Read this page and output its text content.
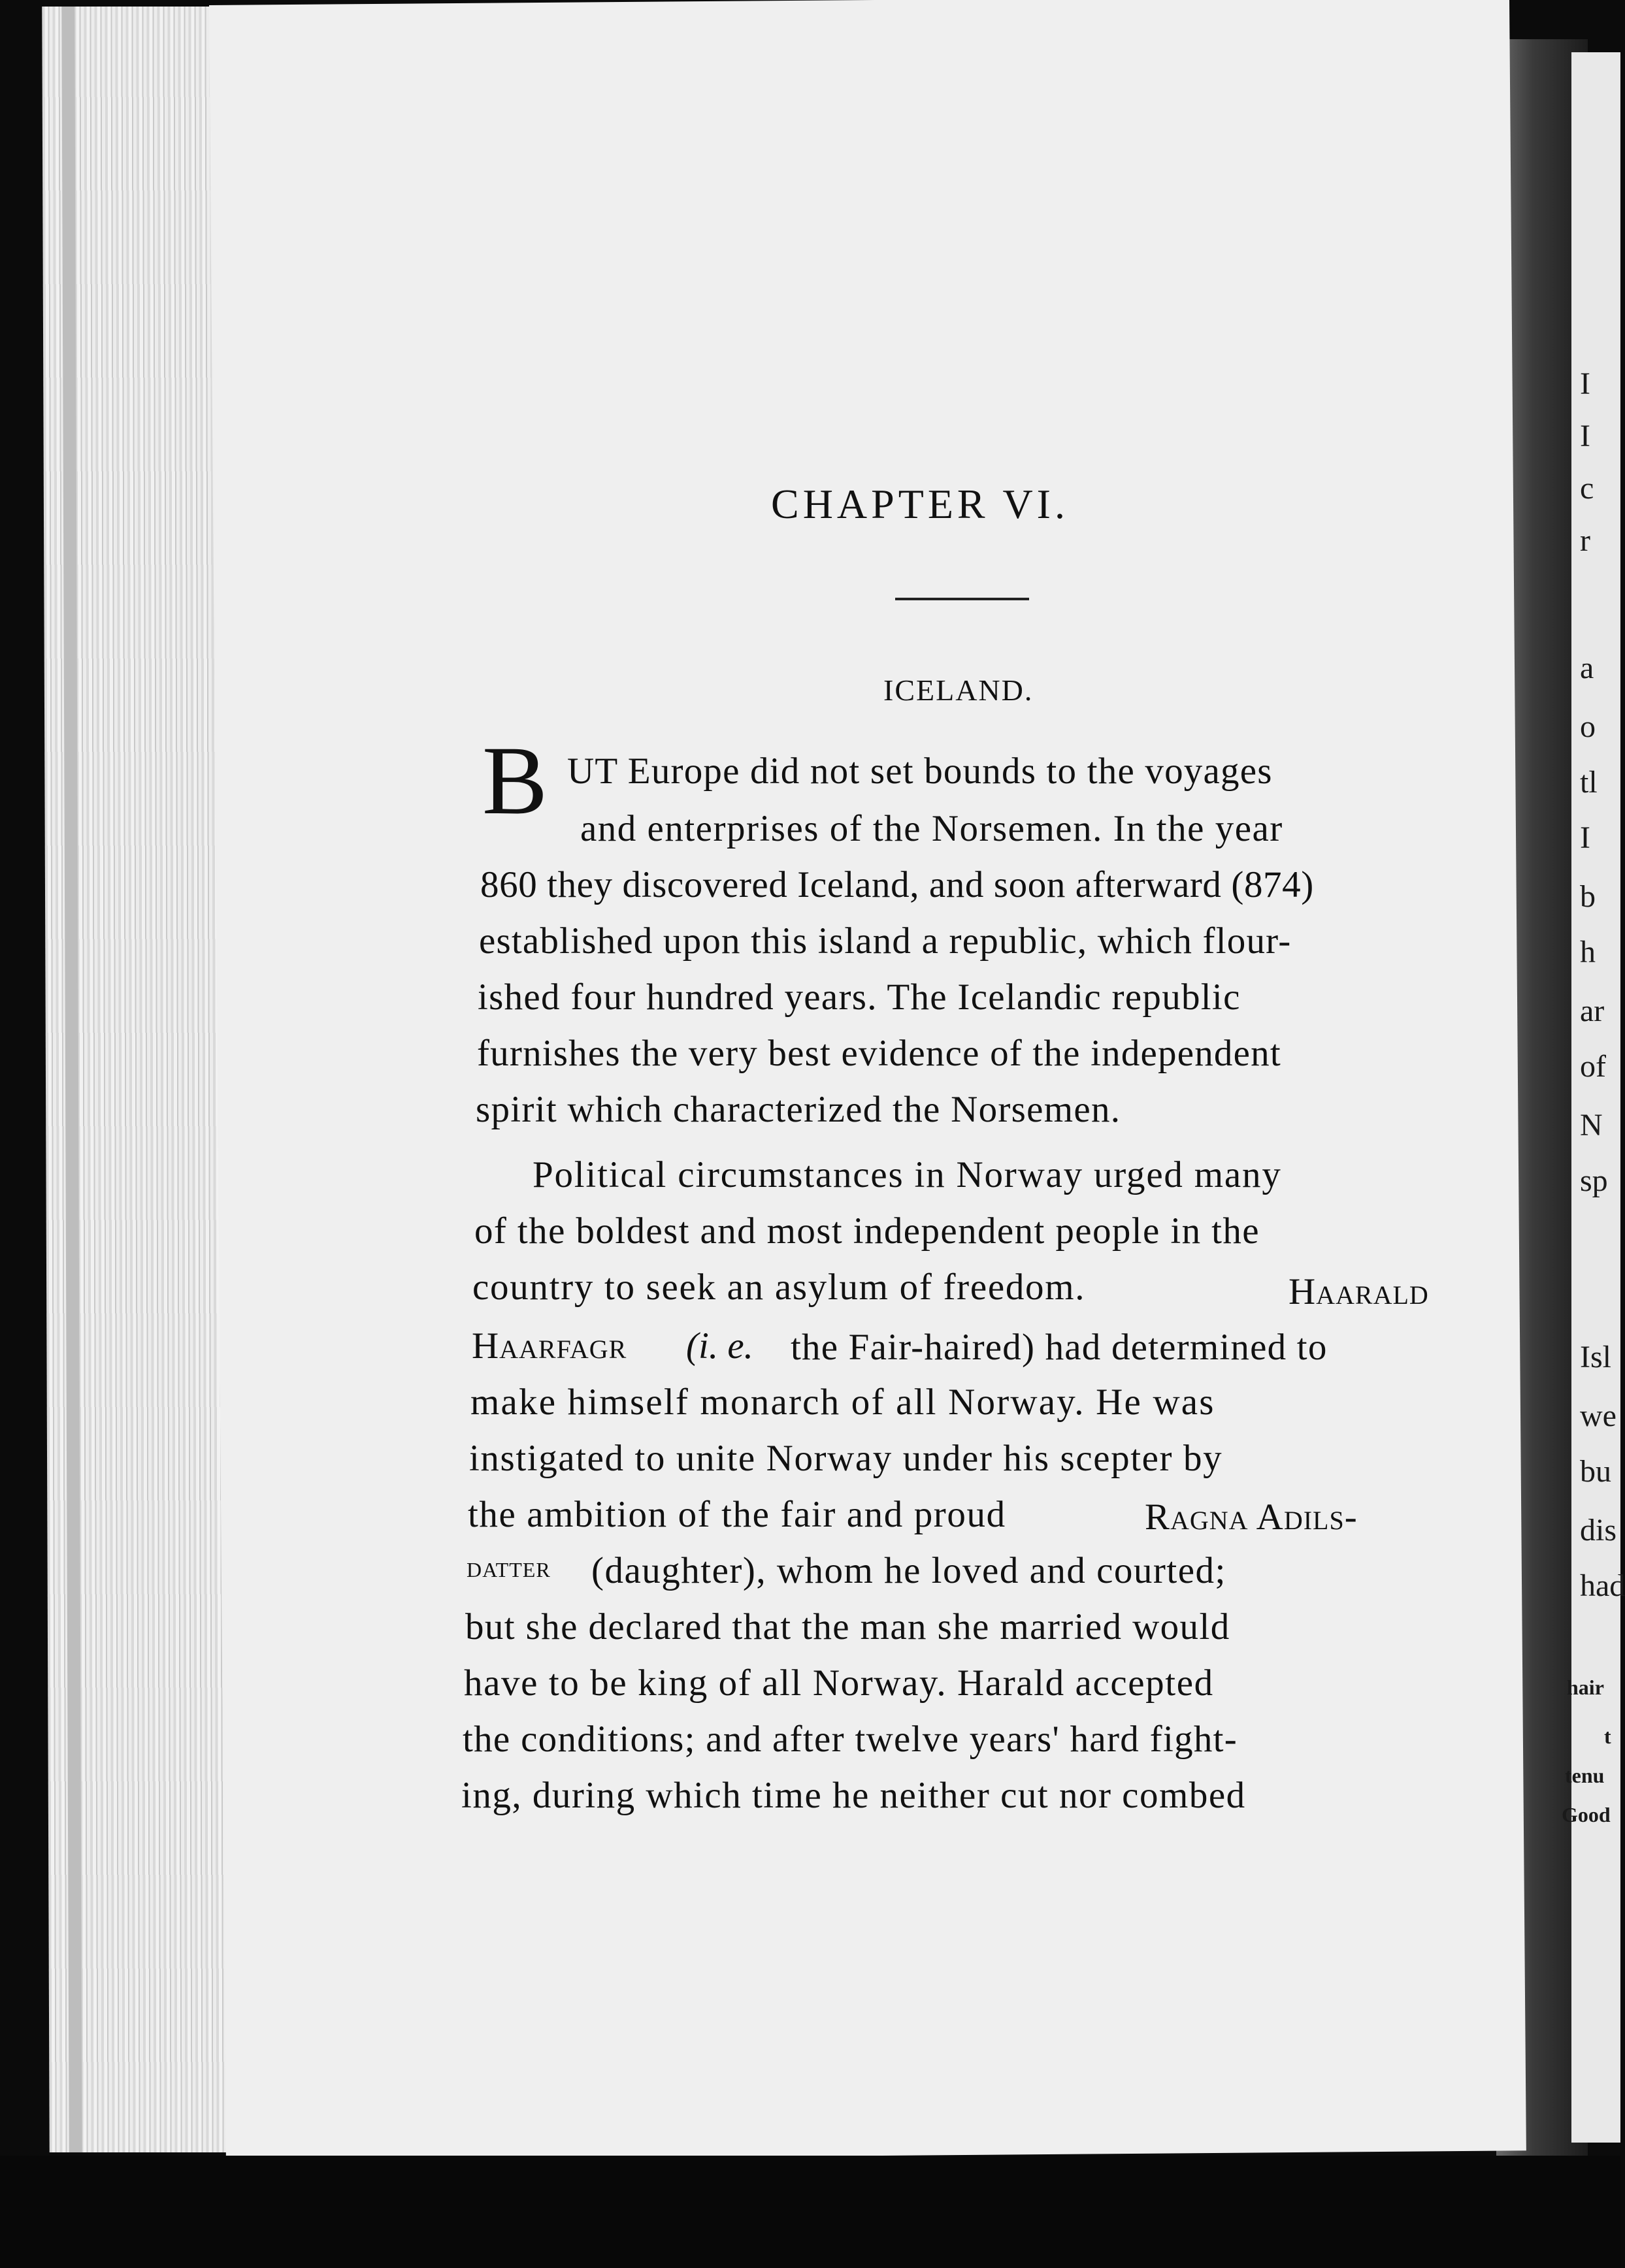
I
I
c
r
a
o
tl
I
b
h
ar
of
N
sp
Isl
we
bu
dis
had
hair
t
tenu
Good
CHAPTER VI.
ICELAND.
B UT Europe did not set bounds to the voyages
and enterprises of the Norsemen. In the year
860 they discovered Iceland, and soon afterward (874)
established upon this island a republic, which flour-
ished four hundred years. The Icelandic republic
furnishes the very best evidence of the independent
spirit which characterized the Norsemen.
Political circumstances in Norway urged many
of the boldest and most independent people in the
country to seek an asylum of freedom.	Haarald
Haarfagr (i. e. the Fair-haired) had determined to
make himself monarch of all Norway. He was
instigated to unite Norway under his scepter by
the ambition of the fair and proud	Ragna Adils-
datter (daughter), whom he loved and courted;
but she declared that the man she married would
have to be king of all Norway. Harald accepted
the conditions; and after twelve years' hard fight-
ing, during which time he neither cut nor combed
